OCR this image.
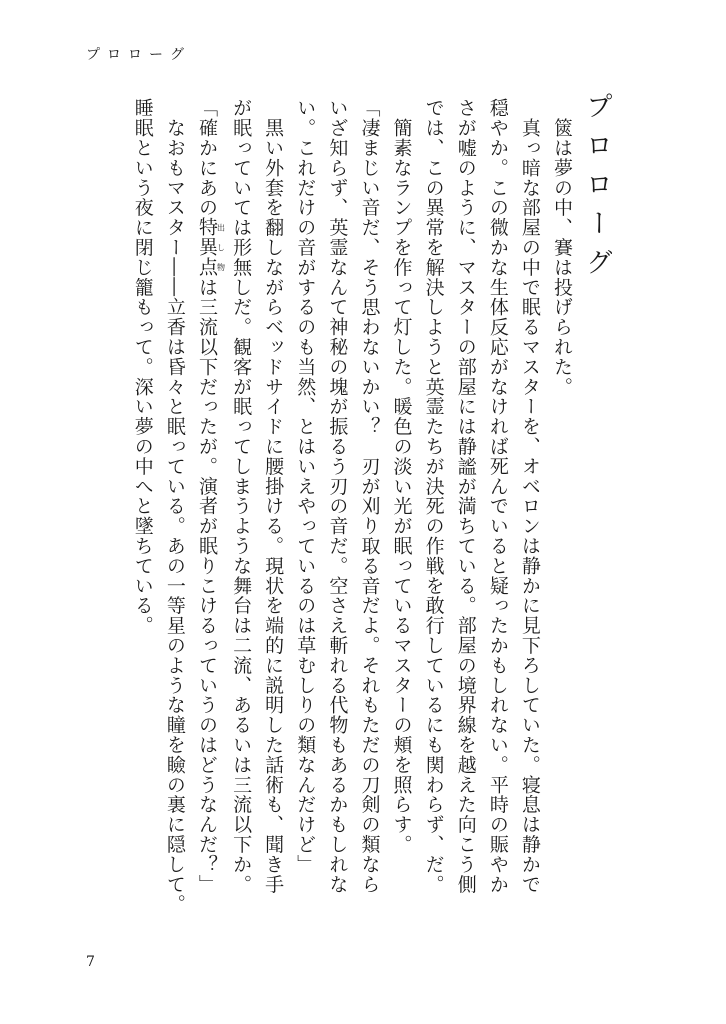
プロローグ
プロローグ
　篋は夢の中、賽は投げられた。
　真っ暗な部屋の中で眠るマスターを、オベロンは静かに見下ろしていた。寝息は静かで
穏やか。この微かな生体反応がなければ死んでいると疑ったかもしれない。平時の賑やか
さが嘘のように、マスターの部屋には静謐が満ちている。部屋の境界線を越えた向こう側
では、この異常を解決しようと英霊たちが決死の作戦を敢行しているにも関わらず、だ。
　簡素なランプを作って灯した。暖色の淡い光が眠っているマスターの頬を照らす。
「凄まじい音だ、そう思わないかい？　刃が刈り取る音だよ。それもただの刀剣の類なら
いざ知らず、英霊なんて神秘の塊が振るう刃の音だ。空さえ斬れる代物もあるかもしれな
い。これだけの音がするのも当然、とはいえやっているのは草むしりの類なんだけど」
　黒い外套を翻しながらベッドサイドに腰掛ける。現状を端的に説明した話術も、聞き手
が眠っていては形無しだ。観客が眠ってしまうような舞台は二流、あるいは三流以下か。
「確かにあの特異点出し物は三流以下だったが。演者が眠りこけるっていうのはどうなんだ？」
　なおもマスター――立香は昏々と眠っている。あの一等星のような瞳を瞼の裏に隠して。
睡眠という夜に閉じ籠もって。深い夢の中へと墜ちている。
7
